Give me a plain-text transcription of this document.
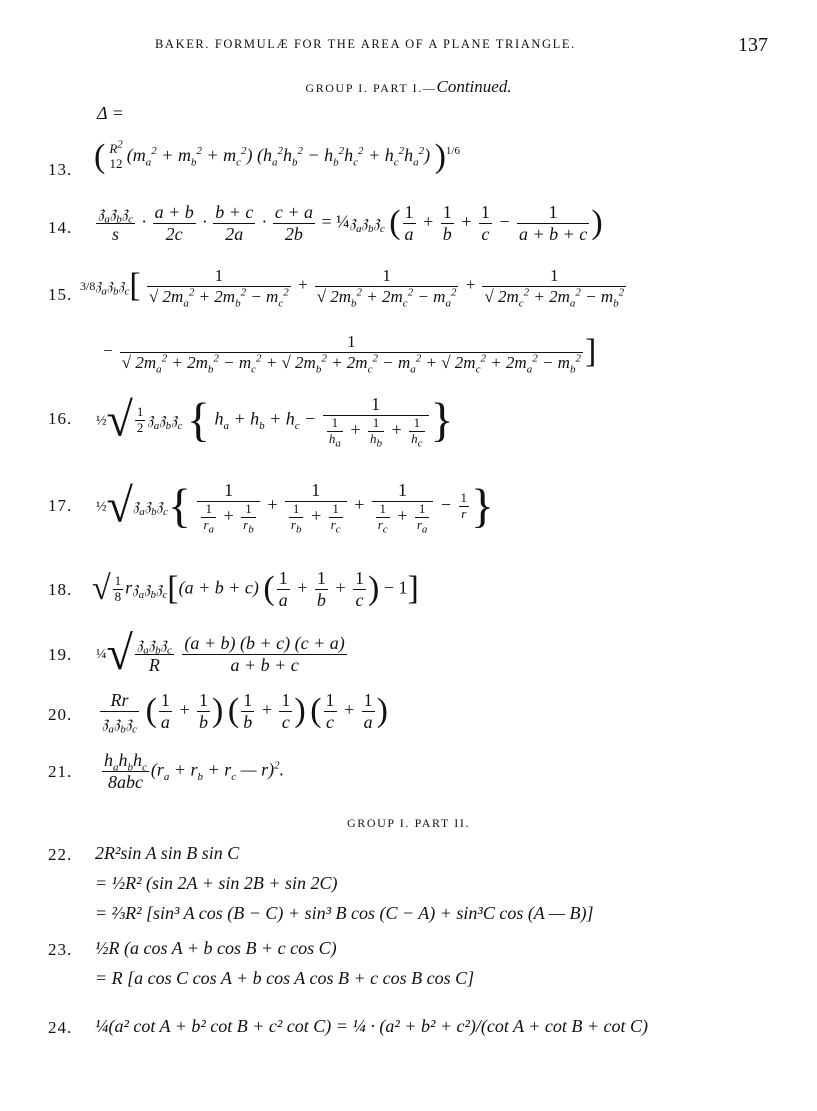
BAKER. FORMULÆ FOR THE AREA OF A PLANE TRIANGLE.	137
GROUP I. PART I.—Continued.
Δ =
13. ( $R^2$
12 $(m_a^2 + m_b^2 + m_c^2) (h_a^2h_b^2 - h_b^2h_c^2 + h_c^2h_a^2)$ )$^{1/6}$
14. $\frac{𝔷_a𝔷_b𝔷_c}{s} \cdot \frac{a + b}{2c} \cdot \frac{b + c}{2a} \cdot \frac{c + a}{2b}$ = ¼𝔷$_a$𝔷$_b$𝔷$_c$ ( $\frac{1}{a} + \frac{1}{b} + \frac{1}{c} - \frac{1}{a + b + c}$ )
15. 3/8𝔷$_a$𝔷$_b$𝔷$_c$[ $\frac{1}{√ 2m_a^2 + 2m_b^2 - m_c^2} + \frac{1}{√ 2m_b^2 + 2m_c^2 - m_a^2} + \frac{1}{√ 2m_c^2 + 2m_a^2 - m_b^2}$
−	1
√ $2m_a^2 + 2m_b^2 - m_c^2$ + √ $2m_b^2 + 2m_c^2 - m_a^2$ + √ $2m_c^2 + 2m_a^2 - m_b^2$ ]
16. ½√ $\frac{1}{2}$ 𝔷$_a$𝔷$_b$𝔷$_c$ { $h_a + h_b + h_c - \frac{1}{\frac{1}{h_a} + \frac{1}{h_b} + \frac{1}{h_c}}$ }
17. ½√𝔷$_a$𝔷$_b$𝔷$_c${ $\frac{1}{\frac{1}{r_a} + \frac{1}{r_b}} + \frac{1}{\frac{1}{r_b} + \frac{1}{r_c}} + \frac{1}{\frac{1}{r_c} + \frac{1}{r_a}} - \frac{1}{r}$ }
18. √ $\frac{1}{8}$ r𝔷$_a$𝔷$_b$𝔷$_c$[(a + b + c) ( $\frac{1}{a} + \frac{1}{b} + \frac{1}{c}$ ) − 1]
19. ¼√ $\frac{𝔷_a𝔷_b𝔷_c}{R}$
$\frac{(a + b) (b + c) (c + a)}{a + b + c}$
20. $\frac{Rr}{𝔷_a𝔷_b𝔷_c}$ ( $\frac{1}{a} + \frac{1}{b}$ ) ( $\frac{1}{b} + \frac{1}{c}$ ) ( $\frac{1}{c} + \frac{1}{a}$ )
21. $\frac{h_ah_bh_c}{\text{8abc}} (r_a + r_b + r_c$ — r)$^2$.
GROUP I. PART II.
22. 2R²sin A sin B sin C
= ½R² (sin 2A + sin 2B + sin 2C)
= ⅔R² [sin³ A cos (B − C) + sin³ B cos (C − A) + sin³C cos (A — B)]
23. ½R (a cos A + b cos B + c cos C)
= R [a cos C cos A + b cos A cos B + c cos B cos C]
24. ¼(a² cot A + b² cot B + c² cot C) = ¼ · (a² + b² + c²)/(cot A + cot B + cot C)
